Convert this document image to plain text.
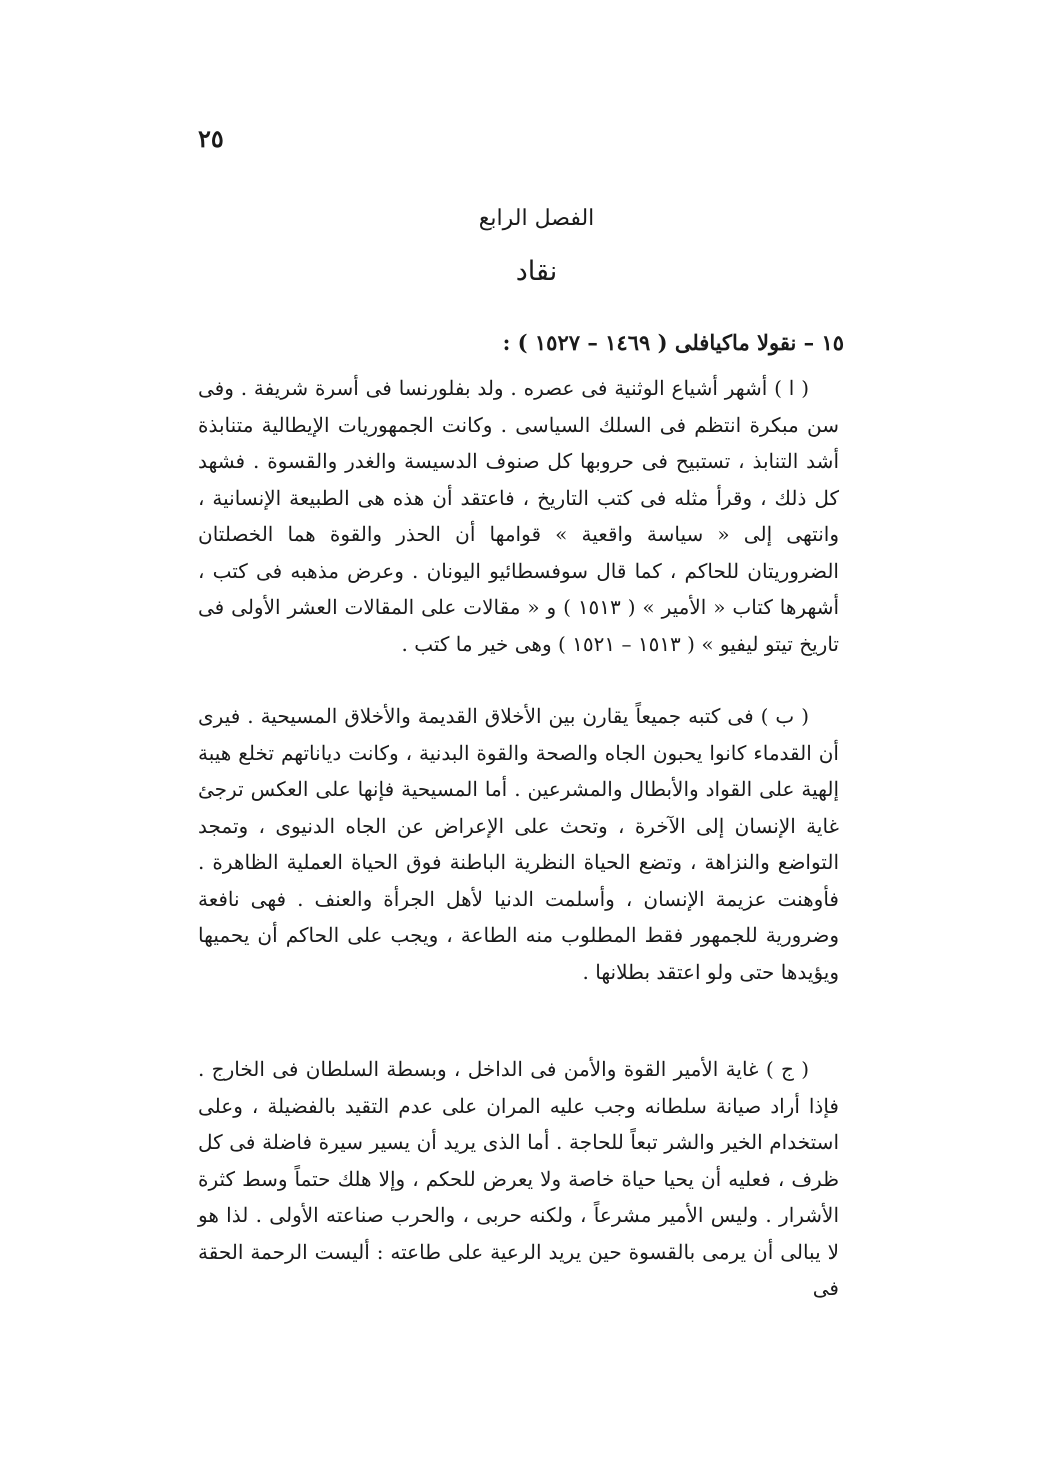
٢٥
الفصل الرابع
نقاد
١٥ – نقولا ماكيافلى ( ١٤٦٩ – ١٥٢٧ ) :

( ا ) أشهر أشياع الوثنية فى عصره . ولد بفلورنسا فى أسرة شريفة . وفى سن مبكرة انتظم فى السلك السياسى . وكانت الجمهوريات الإيطالية متنابذة أشد التنابذ ، تستبيح فى حروبها كل صنوف الدسيسة والغدر والقسوة . فشهد كل ذلك ، وقرأ مثله فى كتب التاريخ ، فاعتقد أن هذه هى الطبيعة الإنسانية ، وانتهى إلى « سياسة واقعية » قوامها أن الحذر والقوة هما الخصلتان الضروريتان للحاكم ، كما قال سوفسطائيو اليونان . وعرض مذهبه فى كتب ، أشهرها كتاب « الأمير » ( ١٥١٣ ) و « مقالات على المقالات العشر الأولى فى تاريخ تيتو ليفيو » ( ١٥١٣ – ١٥٢١ ) وهى خير ما كتب .

( ب ) فى كتبه جميعاً يقارن بين الأخلاق القديمة والأخلاق المسيحية . فيرى أن القدماء كانوا يحبون الجاه والصحة والقوة البدنية ، وكانت دياناتهم تخلع هيبة إلهية على القواد والأبطال والمشرعين . أما المسيحية فإنها على العكس ترجئ غاية الإنسان إلى الآخرة ، وتحث على الإعراض عن الجاه الدنيوى ، وتمجد التواضع والنزاهة ، وتضع الحياة النظرية الباطنة فوق الحياة العملية الظاهرة . فأوهنت عزيمة الإنسان ، وأسلمت الدنيا لأهل الجرأة والعنف . فهى نافعة وضرورية للجمهور فقط المطلوب منه الطاعة ، ويجب على الحاكم أن يحميها ويؤيدها حتى ولو اعتقد بطلانها .

( ج ) غاية الأمير القوة والأمن فى الداخل ، وبسطة السلطان فى الخارج . فإذا أراد صيانة سلطانه وجب عليه المران على عدم التقيد بالفضيلة ، وعلى استخدام الخير والشر تبعاً للحاجة . أما الذى يريد أن يسير سيرة فاضلة فى كل ظرف ، فعليه أن يحيا حياة خاصة ولا يعرض للحكم ، وإلا هلك حتماً وسط كثرة الأشرار . وليس الأمير مشرعاً ، ولكنه حربى ، والحرب صناعته الأولى . لذا هو لا يبالى أن يرمى بالقسوة حين يريد الرعية على طاعته : أليست الرحمة الحقة فى
